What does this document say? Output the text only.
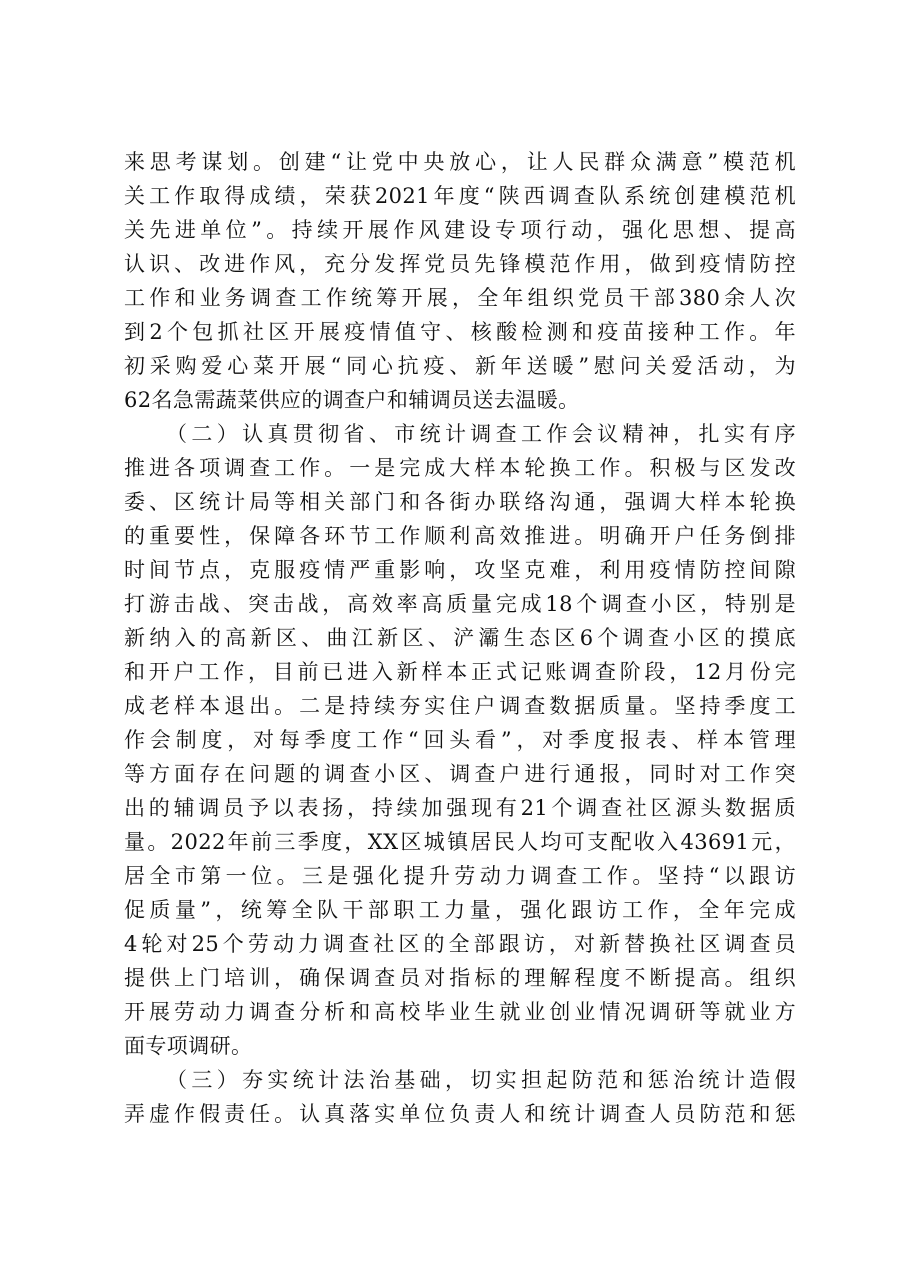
来思考谋划。创建“让党中央放心，让人民群众满意”模范机
关工作取得成绩，荣获2021年度“陕西调查队系统创建模范机
关先进单位”。持续开展作风建设专项行动，强化思想、提高
认识、改进作风，充分发挥党员先锋模范作用，做到疫情防控
工作和业务调查工作统筹开展，全年组织党员干部380余人次
到2个包抓社区开展疫情值守、核酸检测和疫苗接种工作。年
初采购爱心菜开展“同心抗疫、新年送暖”慰问关爱活动，为
62名急需蔬菜供应的调查户和辅调员送去温暖。
（二）认真贯彻省、市统计调查工作会议精神，扎实有序
推进各项调查工作。一是完成大样本轮换工作。积极与区发改
委、区统计局等相关部门和各街办联络沟通，强调大样本轮换
的重要性，保障各环节工作顺利高效推进。明确开户任务倒排
时间节点，克服疫情严重影响，攻坚克难，利用疫情防控间隙
打游击战、突击战，高效率高质量完成18个调查小区，特别是
新纳入的高新区、曲江新区、浐灞生态区6个调查小区的摸底
和开户工作，目前已进入新样本正式记账调查阶段，12月份完
成老样本退出。二是持续夯实住户调查数据质量。坚持季度工
作会制度，对每季度工作“回头看”，对季度报表、样本管理
等方面存在问题的调查小区、调查户进行通报，同时对工作突
出的辅调员予以表扬，持续加强现有21个调查社区源头数据质
量。2022年前三季度，XX区城镇居民人均可支配收入43691元，
居全市第一位。三是强化提升劳动力调查工作。坚持“以跟访
促质量”，统筹全队干部职工力量，强化跟访工作，全年完成
4轮对25个劳动力调查社区的全部跟访，对新替换社区调查员
提供上门培训，确保调查员对指标的理解程度不断提高。组织
开展劳动力调查分析和高校毕业生就业创业情况调研等就业方
面专项调研。
（三）夯实统计法治基础，切实担起防范和惩治统计造假
弄虚作假责任。认真落实单位负责人和统计调查人员防范和惩
